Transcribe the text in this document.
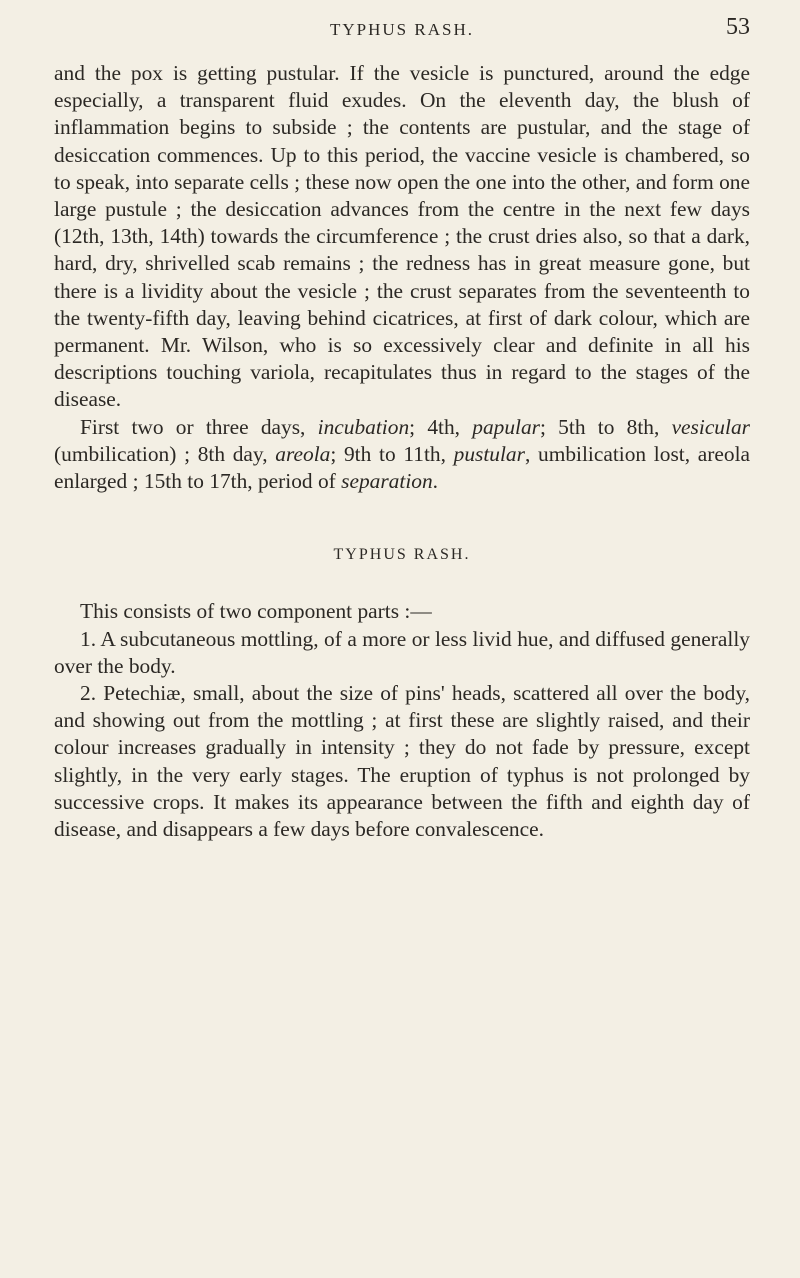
TYPHUS RASH.	53

and the pox is getting pustular. If the vesicle is punctured, around the edge especially, a transparent fluid exudes. On the eleventh day, the blush of inflammation begins to subside ; the contents are pustular, and the stage of desiccation commences. Up to this period, the vaccine vesicle is chambered, so to speak, into separate cells ; these now open the one into the other, and form one large pustule ; the desiccation advances from the centre in the next few days (12th, 13th, 14th) towards the circumference ; the crust dries also, so that a dark, hard, dry, shrivelled scab remains ; the redness has in great measure gone, but there is a lividity about the vesicle ; the crust separates from the seventeenth to the twenty-fifth day, leaving behind cicatrices, at first of dark colour, which are permanent. Mr. Wilson, who is so excessively clear and definite in all his descriptions touching variola, recapitulates thus in regard to the stages of the disease.

First two or three days, incubation; 4th, papular; 5th to 8th, vesicular (umbilication) ; 8th day, areola; 9th to 11th, pustular, umbilication lost, areola enlarged ; 15th to 17th, period of separation.

TYPHUS RASH.

This consists of two component parts :—

1. A subcutaneous mottling, of a more or less livid hue, and diffused generally over the body.

2. Petechiæ, small, about the size of pins' heads, scattered all over the body, and showing out from the mottling ; at first these are slightly raised, and their colour increases gradually in intensity ; they do not fade by pressure, except slightly, in the very early stages. The eruption of typhus is not prolonged by successive crops. It makes its appearance between the fifth and eighth day of disease, and disappears a few days before convalescence.
